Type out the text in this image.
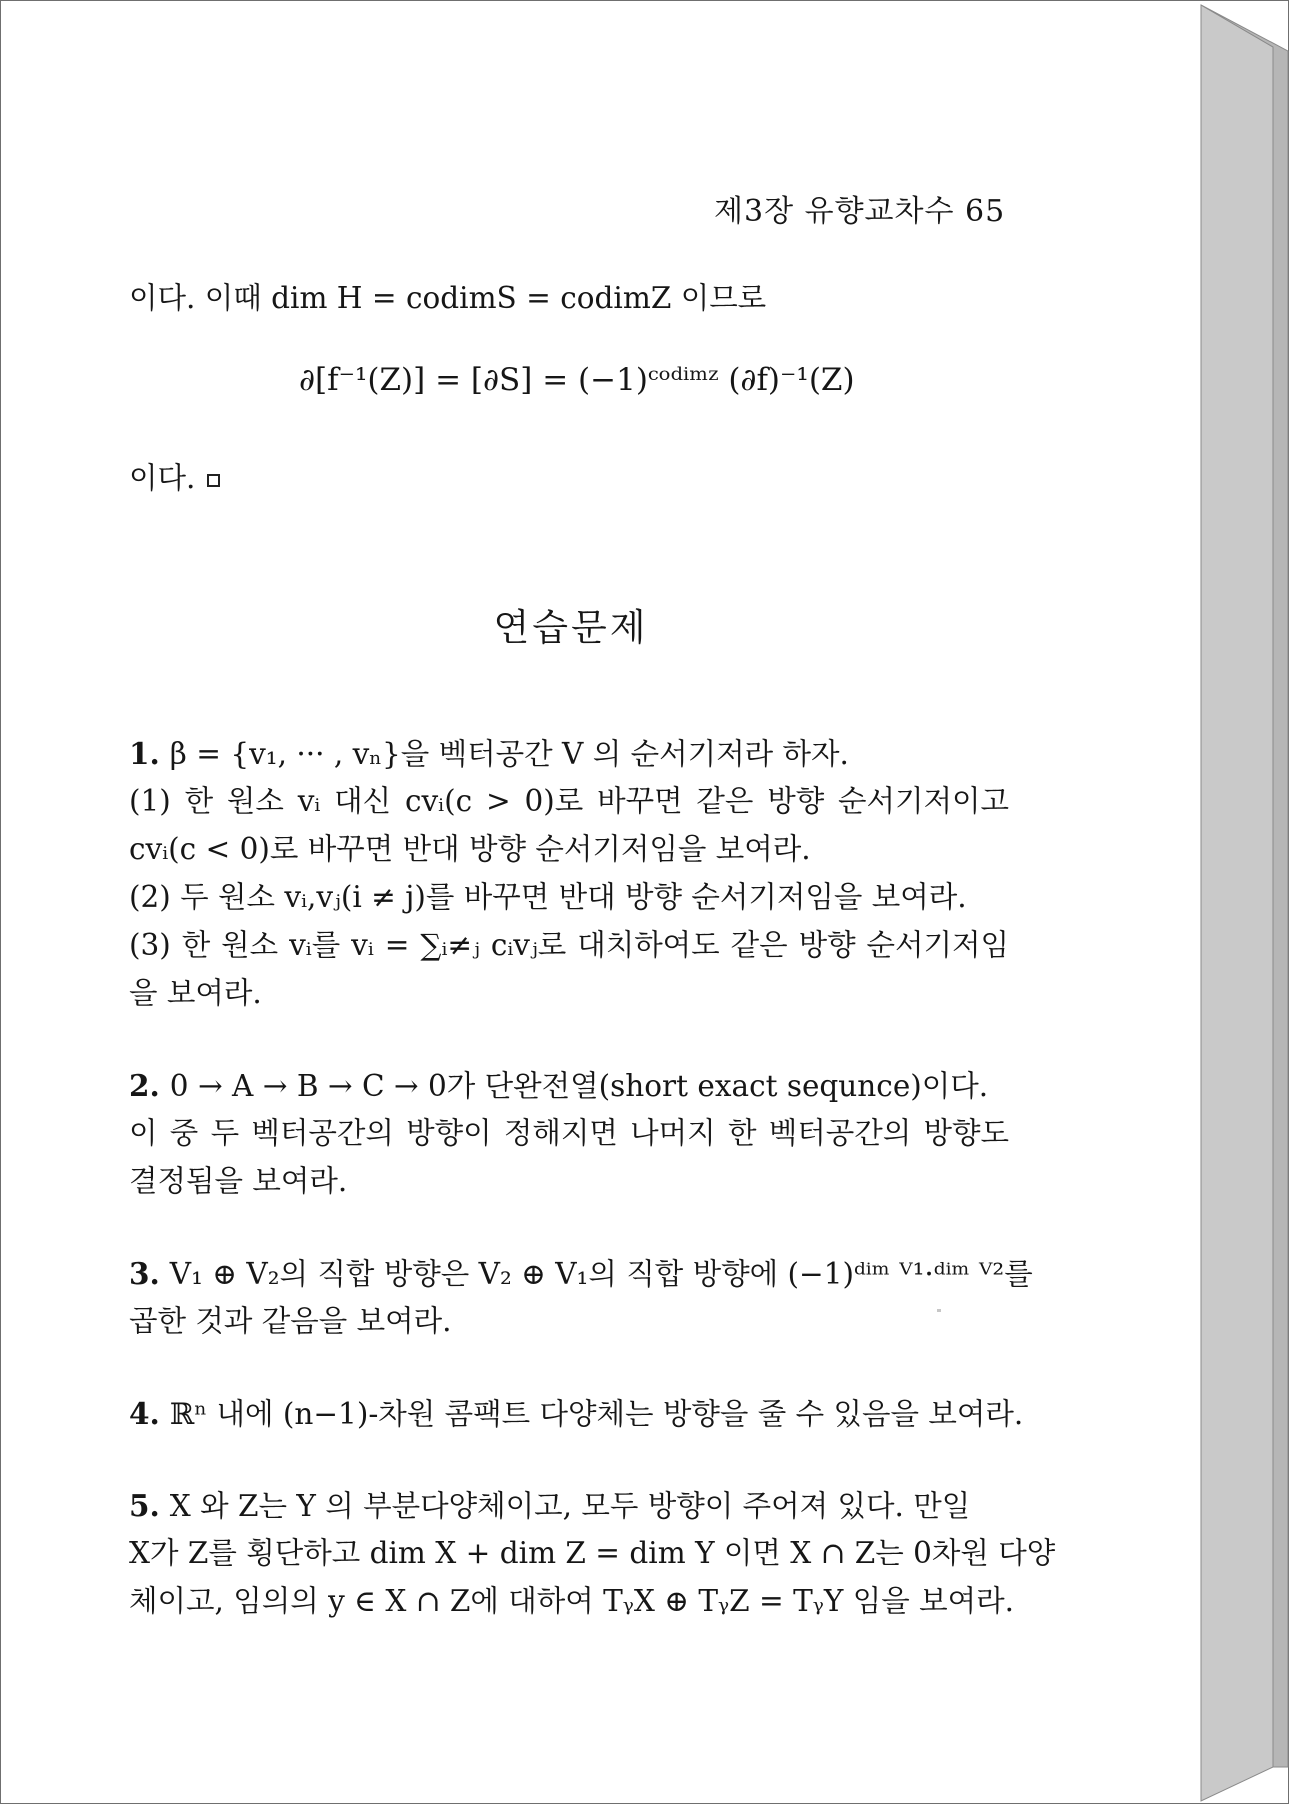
제3장 유향교차수 65
이다. 이때 dim H = codimS = codimZ 이므로
∂[f⁻¹(Z)] = [∂S] = (−1)ᶜᵒᵈⁱᵐᶻ (∂f)⁻¹(Z)
이다.
연습문제
1. β = {v₁, ··· , vₙ}을 벡터공간 V 의 순서기저라 하자.
(1) 한 원소 vᵢ 대신 cvᵢ(c > 0)로 바꾸면 같은 방향 순서기저이고
cvᵢ(c < 0)로 바꾸면 반대 방향 순서기저임을 보여라.
(2) 두 원소 vᵢ,vⱼ(i ≠ j)를 바꾸면 반대 방향 순서기저임을 보여라.
(3) 한 원소 vᵢ를 vᵢ = ∑ᵢ≠ⱼ cᵢvⱼ로 대치하여도 같은 방향 순서기저임
을 보여라.
2. 0 → A → B → C → 0가 단완전열(short exact sequnce)이다.
이 중 두 벡터공간의 방향이 정해지면 나머지 한 벡터공간의 방향도
결정됨을 보여라.
3. V₁ ⊕ V₂의 직합 방향은 V₂ ⊕ V₁의 직합 방향에 (−1)ᵈⁱᵐ ⱽ¹·ᵈⁱᵐ ⱽ²를
곱한 것과 같음을 보여라.
4. ℝⁿ 내에 (n−1)-차원 콤팩트 다양체는 방향을 줄 수 있음을 보여라.
5. X 와 Z는 Y 의 부분다양체이고, 모두 방향이 주어져 있다. 만일
X가 Z를 횡단하고 dim X + dim Z = dim Y 이면 X ∩ Z는 0차원 다양
체이고, 임의의 y ∈ X ∩ Z에 대하여 TᵧX ⊕ TᵧZ = TᵧY 임을 보여라.
